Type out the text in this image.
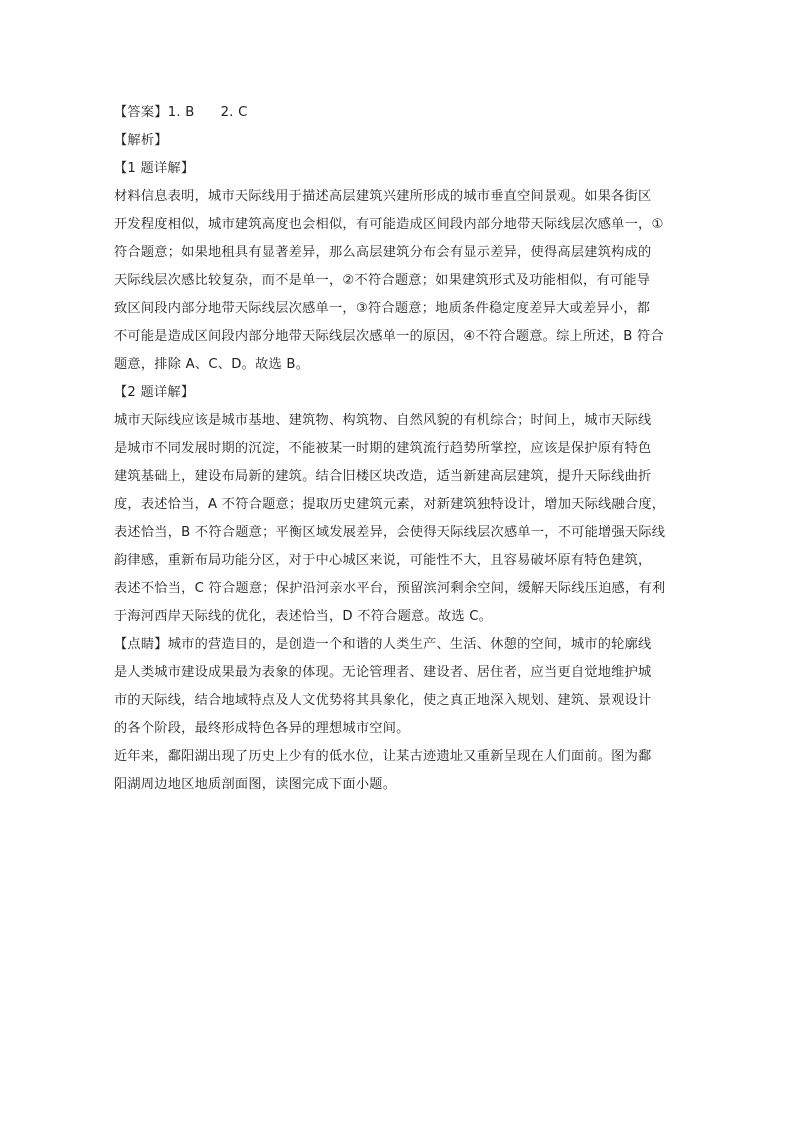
【答案】1. B 2. C
【解析】
【1 题详解】
材料信息表明，城市天际线用于描述高层建筑兴建所形成的城市垂直空间景观。如果各街区
开发程度相似，城市建筑高度也会相似，有可能造成区间段内部分地带天际线层次感单一，①
符合题意；如果地租具有显著差异，那么高层建筑分布会有显示差异，使得高层建筑构成的
天际线层次感比较复杂，而不是单一，②不符合题意；如果建筑形式及功能相似，有可能导
致区间段内部分地带天际线层次感单一，③符合题意；地质条件稳定度差异大或差异小，都
不可能是造成区间段内部分地带天际线层次感单一的原因，④不符合题意。综上所述，B 符合
题意，排除 A、C、D。故选 B。
【2 题详解】
城市天际线应该是城市基地、建筑物、构筑物、自然风貌的有机综合；时间上，城市天际线
是城市不同发展时期的沉淀，不能被某一时期的建筑流行趋势所掌控，应该是保护原有特色
建筑基础上，建设布局新的建筑。结合旧楼区块改造，适当新建高层建筑，提升天际线曲折
度，表述恰当，A 不符合题意；提取历史建筑元素，对新建筑独特设计，增加天际线融合度，
表述恰当，B 不符合题意；平衡区域发展差异，会使得天际线层次感单一，不可能增强天际线
韵律感，重新布局功能分区，对于中心城区来说，可能性不大，且容易破坏原有特色建筑，
表述不恰当，C 符合题意；保护沿河亲水平台，预留滨河剩余空间，缓解天际线压迫感，有利
于海河西岸天际线的优化，表述恰当，D 不符合题意。故选 C。
【点睛】城市的营造目的，是创造一个和谐的人类生产、生活、休憩的空间，城市的轮廓线
是人类城市建设成果最为表象的体现。无论管理者、建设者、居住者，应当更自觉地维护城
市的天际线，结合地域特点及人文优势将其具象化，使之真正地深入规划、建筑、景观设计
的各个阶段，最终形成特色各异的理想城市空间。
近年来，鄱阳湖出现了历史上少有的低水位，让某古迹遗址又重新呈现在人们面前。图为鄱
阳湖周边地区地质剖面图，读图完成下面小题。
